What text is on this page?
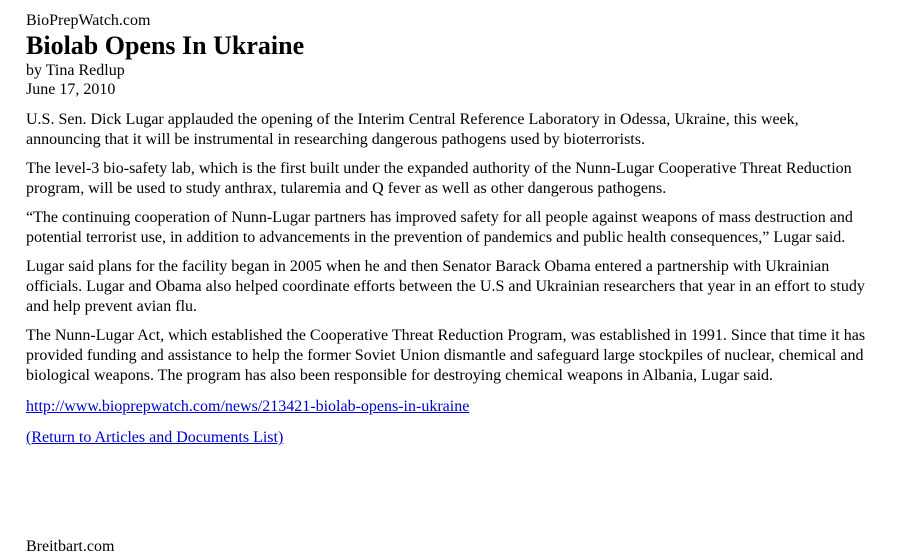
BioPrepWatch.com
Biolab Opens In Ukraine
by Tina Redlup
June 17, 2010

U.S. Sen. Dick Lugar applauded the opening of the Interim Central Reference Laboratory in Odessa, Ukraine, this week, announcing that it will be instrumental in researching dangerous pathogens used by bioterrorists.

The level-3 bio-safety lab, which is the first built under the expanded authority of the Nunn-Lugar Cooperative Threat Reduction program, will be used to study anthrax, tularemia and Q fever as well as other dangerous pathogens.

“The continuing cooperation of Nunn-Lugar partners has improved safety for all people against weapons of mass destruction and potential terrorist use, in addition to advancements in the prevention of pandemics and public health consequences,” Lugar said.

Lugar said plans for the facility began in 2005 when he and then Senator Barack Obama entered a partnership with Ukrainian officials. Lugar and Obama also helped coordinate efforts between the U.S and Ukrainian researchers that year in an effort to study and help prevent avian flu.

The Nunn-Lugar Act, which established the Cooperative Threat Reduction Program, was established in 1991. Since that time it has provided funding and assistance to help the former Soviet Union dismantle and safeguard large stockpiles of nuclear, chemical and biological weapons. The program has also been responsible for destroying chemical weapons in Albania, Lugar said.

http://www.bioprepwatch.com/news/213421-biolab-opens-in-ukraine
(Return to Articles and Documents List)
Breitbart.com
